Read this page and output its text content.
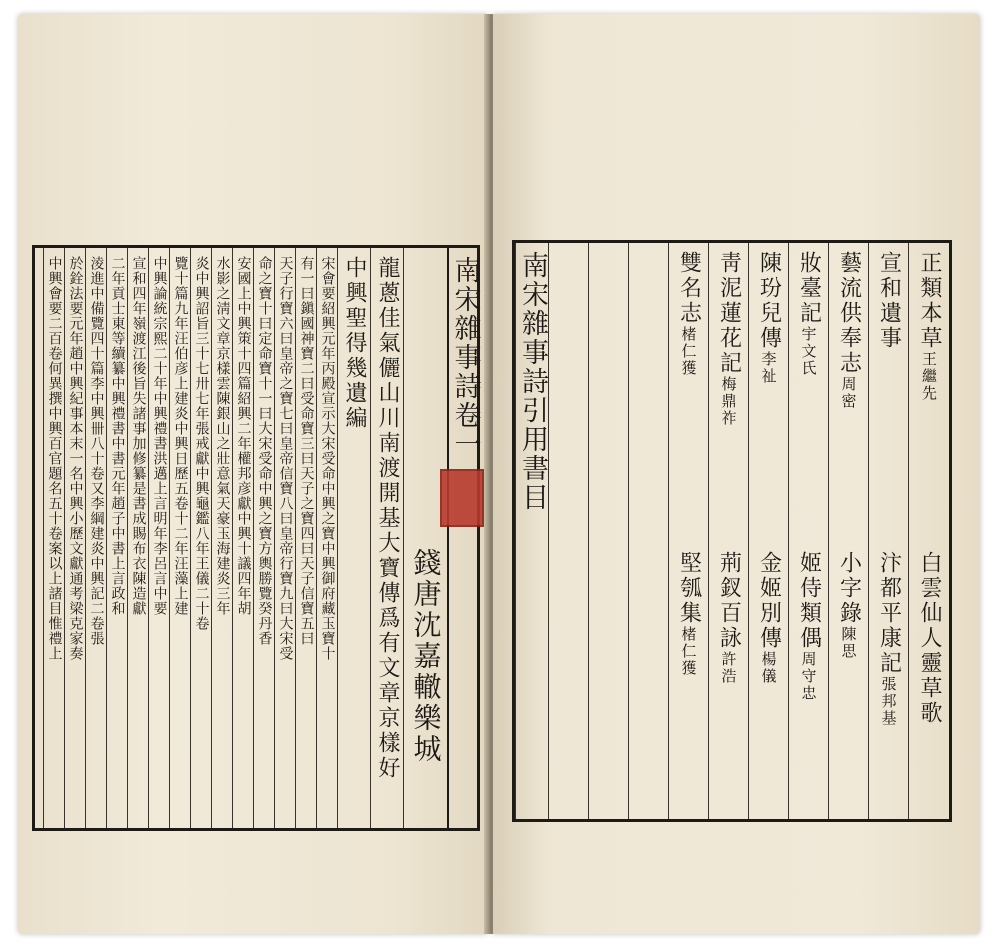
南宋雜事詩卷一
錢唐沈嘉轍樂城
龍蔥佳氣儷山川南渡開基大寶傳爲有文章京樣好
中興聖得幾遺編
宋會要紹興元年丙殿宣示大宋受命中興之寶中興御府藏玉寶十
有一曰鎭國神寶二曰受命寶三曰天子之寶四曰天子信寶五曰
天子行寶六曰皇帝之寶七曰皇帝信寶八曰皇帝行寶九曰大宋受
命之寶十曰定命寶十一曰大宋受命中興之寶方輿勝覽癸丹香
安國上中興策十四篇紹興二年權邦彦獻中興十議四年胡
水影之淸文章京樣雲陳銀山之壯意氣天豪玉海建炎三年
炎中興詔旨三十七卅七年張戒獻中興龜鑑八年王儀二十卷
覽十篇九年汪伯彦上建炎中興日歷五卷十二年汪藻上建
中興論統宗熙二十年中興禮書洪邁上言明年李呂言中要
宣和四年嶺渡江後旨失諸事加修纂是書成賜布衣陳造獻
二年貢士東等續纂中興禮書中書元年趙子中書上言政和
淩進中備覽四十篇李中興卌八十卷又李綱建炎中興記二卷張
於銓法要元年趙中興紀事本末一名中興小歷文獻通考梁克家奏
中興會要二百卷何異撰中興百官題名五十卷案以上諸目惟禮上	南宋雜事詩引用書目	雙名志
楮仁獲
堅瓠集
楮仁獲
靑泥蓮花記
梅鼎祚
荊釵百詠
許浩
陳玢兒傳
李祉
金姬別傳
楊儀
妝臺記
宇文氏
姬侍類偶
周守忠
藝流供奉志
周密
小字錄
陳思
宣和遺事
汴都平康記
張邦基
正類本草
王繼先
白雲仙人靈草歌
